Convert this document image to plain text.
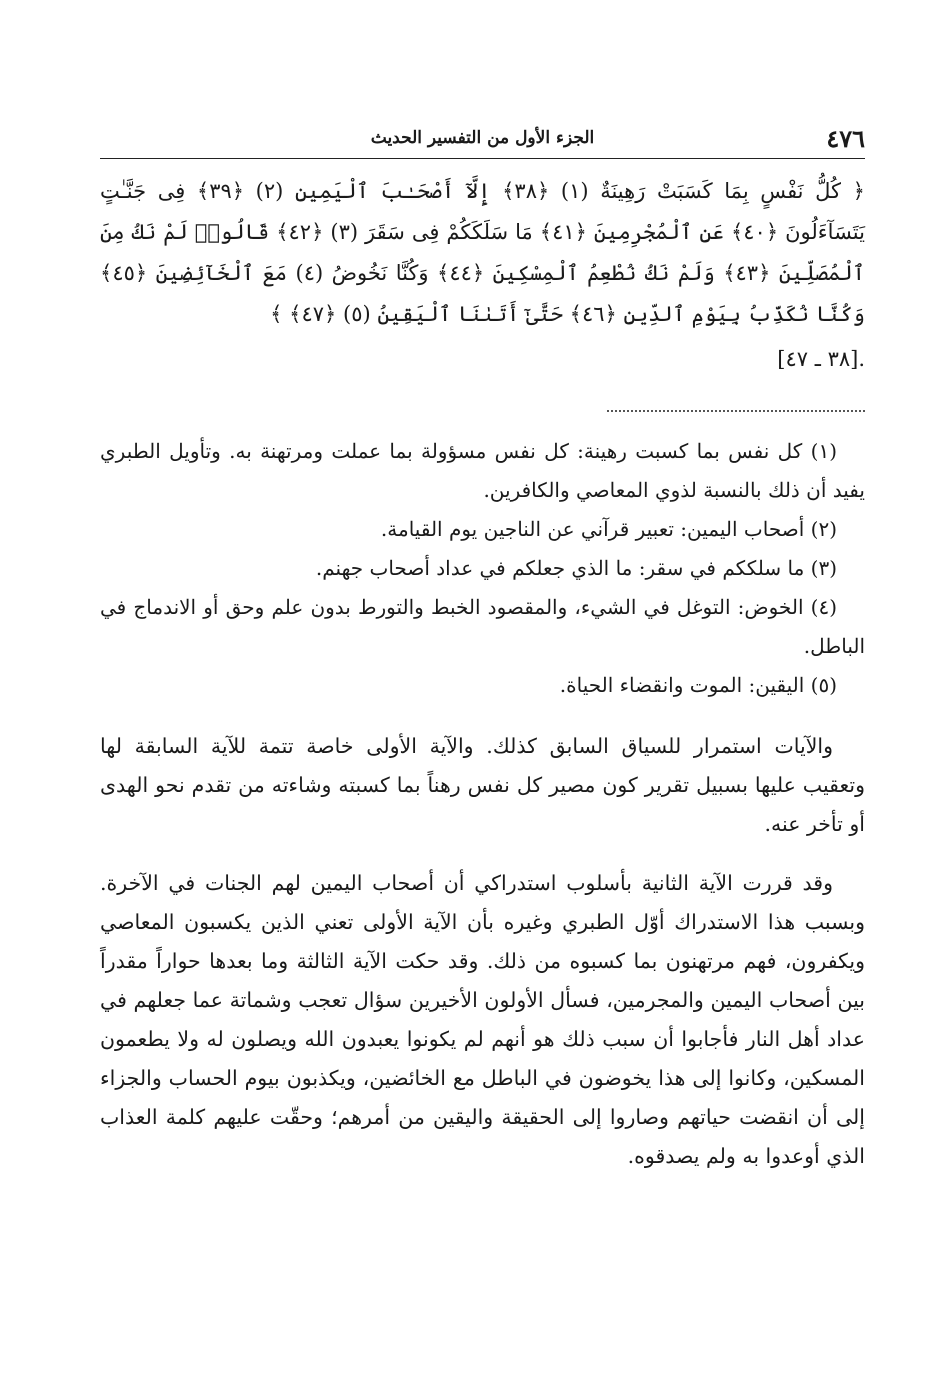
٤٧٦
الجزء الأول من التفسير الحديث
﴿ كُلُّ نَفْسٍ بِمَا كَسَبَتْ رَهِينَةٌ (١) ﴿٣٨﴾ إِلَّآ أَصْحَـٰبَ ٱلْيَمِينِ (٢) ﴿٣٩﴾ فِى جَنَّـٰتٍ يَتَسَآءَلُونَ ﴿٤٠﴾ عَنِ ٱلْمُجْرِمِينَ ﴿٤١﴾ مَا سَلَكَكُمْ فِى سَقَرَ (٣) ﴿٤٢﴾ قَالُوا۟ لَمْ نَكُ مِنَ ٱلْمُصَلِّينَ ﴿٤٣﴾ وَلَمْ نَكُ نُطْعِمُ ٱلْمِسْكِينَ ﴿٤٤﴾ وَكُنَّا نَخُوضُ (٤) مَعَ ٱلْخَآئِضِينَ ﴿٤٥﴾ وَكُنَّا نُكَذِّبُ بِيَوْمِ ٱلدِّينِ ﴿٤٦﴾ حَتَّىٰٓ أَتَىٰنَا ٱلْيَقِينُ (٥) ﴿٤٧﴾ ﴾
.[٣٨ ـ ٤٧]
(١) كل نفس بما كسبت رهينة: كل نفس مسؤولة بما عملت ومرتهنة به. وتأويل الطبري يفيد أن ذلك بالنسبة لذوي المعاصي والكافرين.
(٢) أصحاب اليمين: تعبير قرآني عن الناجين يوم القيامة.
(٣) ما سلككم في سقر: ما الذي جعلكم في عداد أصحاب جهنم.
(٤) الخوض: التوغل في الشيء، والمقصود الخبط والتورط بدون علم وحق أو الاندماج في الباطل.
(٥) اليقين: الموت وانقضاء الحياة.

والآيات استمرار للسياق السابق كذلك. والآية الأولى خاصة تتمة للآية السابقة لها وتعقيب عليها بسبيل تقرير كون مصير كل نفس رهناً بما كسبته وشاءته من تقدم نحو الهدى أو تأخر عنه.

وقد قررت الآية الثانية بأسلوب استدراكي أن أصحاب اليمين لهم الجنات في الآخرة. وبسبب هذا الاستدراك أوّل الطبري وغيره بأن الآية الأولى تعني الذين يكسبون المعاصي ويكفرون، فهم مرتهنون بما كسبوه من ذلك. وقد حكت الآية الثالثة وما بعدها حواراً مقدراً بين أصحاب اليمين والمجرمين، فسأل الأولون الأخيرين سؤال تعجب وشماتة عما جعلهم في عداد أهل النار فأجابوا أن سبب ذلك هو أنهم لم يكونوا يعبدون الله ويصلون له ولا يطعمون المسكين، وكانوا إلى هذا يخوضون في الباطل مع الخائضين، ويكذبون بيوم الحساب والجزاء إلى أن انقضت حياتهم وصاروا إلى الحقيقة واليقين من أمرهم؛ وحقّت عليهم كلمة العذاب الذي أوعدوا به ولم يصدقوه.
